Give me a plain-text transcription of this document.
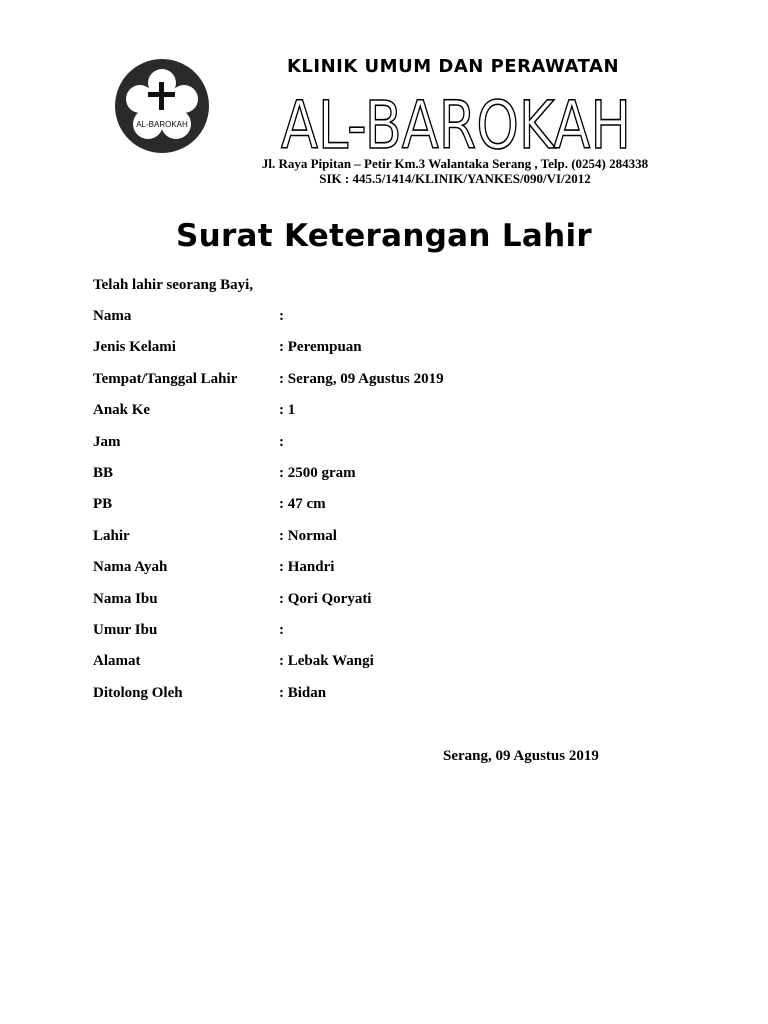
AL-BAROKAH
KLINIK UMUM DAN PERAWATAN
AL-BAROKAH
Jl. Raya Pipitan – Petir Km.3 Walantaka Serang , Telp. (0254) 284338
SIK : 445.5/1414/KLINIK/YANKES/090/VI/2012
Surat Keterangan Lahir
Telah lahir seorang Bayi,
Nama	:
Jenis Kelami	: Perempuan
Tempat/Tanggal Lahir	: Serang, 09 Agustus 2019
Anak Ke	: 1
Jam	:
BB	: 2500 gram
PB	: 47 cm
Lahir	: Normal
Nama Ayah	: Handri
Nama Ibu	: Qori Qoryati
Umur Ibu	:
Alamat	: Lebak Wangi
Ditolong Oleh	: Bidan
Serang, 09 Agustus 2019
